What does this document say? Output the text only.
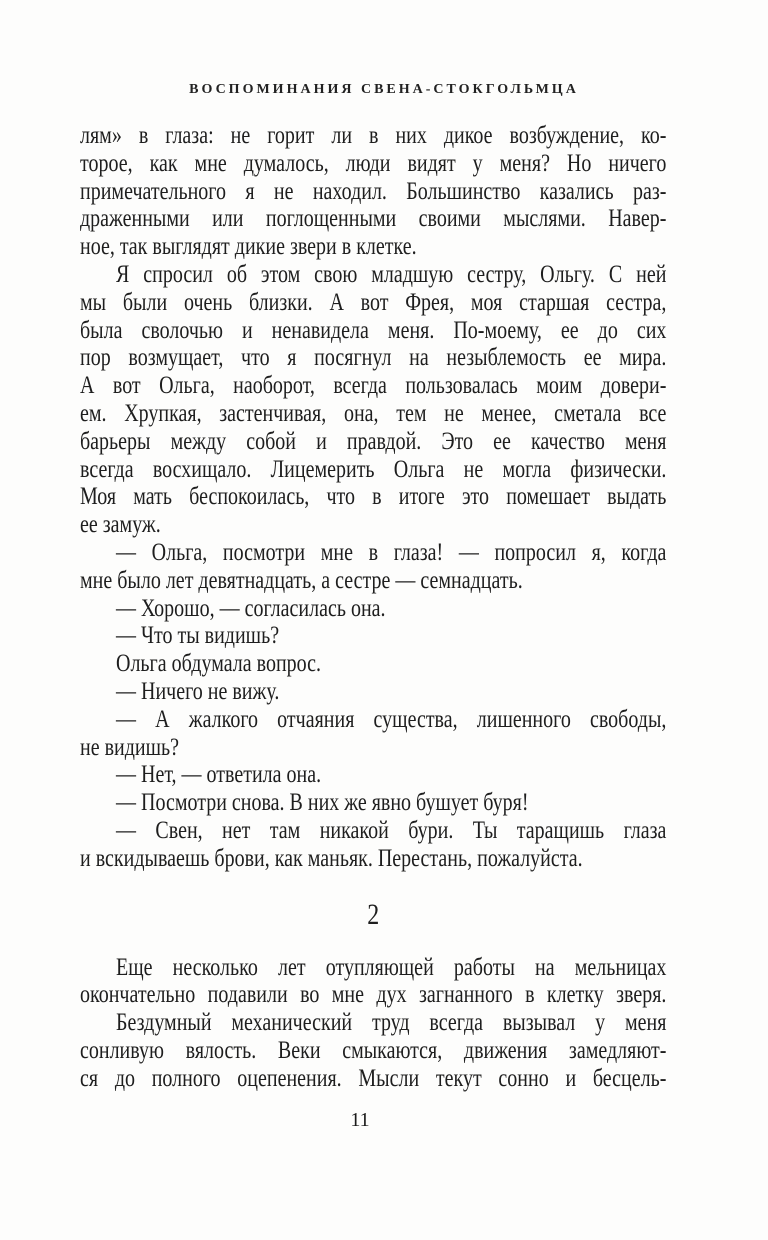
ВОСПОМИНАНИЯ СВЕНА-СТОКГОЛЬМЦА
лям» в глаза: не горит ли в них дикое возбуждение, ко-
торое, как мне думалось, люди видят у меня? Но ничего
примечательного я не находил. Большинство казались раз-
драженными или поглощенными своими мыслями. Навер-
ное, так выглядят дикие звери в клетке.
Я спросил об этом свою младшую сестру, Ольгу. С ней
мы были очень близки. А вот Фрея, моя старшая сестра,
была сволочью и ненавидела меня. По-моему, ее до сих
пор возмущает, что я посягнул на незыблемость ее мира.
А вот Ольга, наоборот, всегда пользовалась моим довери-
ем. Хрупкая, застенчивая, она, тем не менее, сметала все
барьеры между собой и правдой. Это ее качество меня
всегда восхищало. Лицемерить Ольга не могла физически.
Моя мать беспокоилась, что в итоге это помешает выдать
ее замуж.
— Ольга, посмотри мне в глаза! — попросил я, когда
мне было лет девятнадцать, а сестре — семнадцать.
— Хорошо, — согласилась она.
— Что ты видишь?
Ольга обдумала вопрос.
— Ничего не вижу.
— А жалкого отчаяния существа, лишенного свободы,
не видишь?
— Нет, — ответила она.
— Посмотри снова. В них же явно бушует буря!
— Свен, нет там никакой бури. Ты таращишь глаза
и вскидываешь брови, как маньяк. Перестань, пожалуйста.
2
Еще несколько лет отупляющей работы на мельницах
окончательно подавили во мне дух загнанного в клетку зверя.
Бездумный механический труд всегда вызывал у меня
сонливую вялость. Веки смыкаются, движения замедляют-
ся до полного оцепенения. Мысли текут сонно и бесцель-
11
